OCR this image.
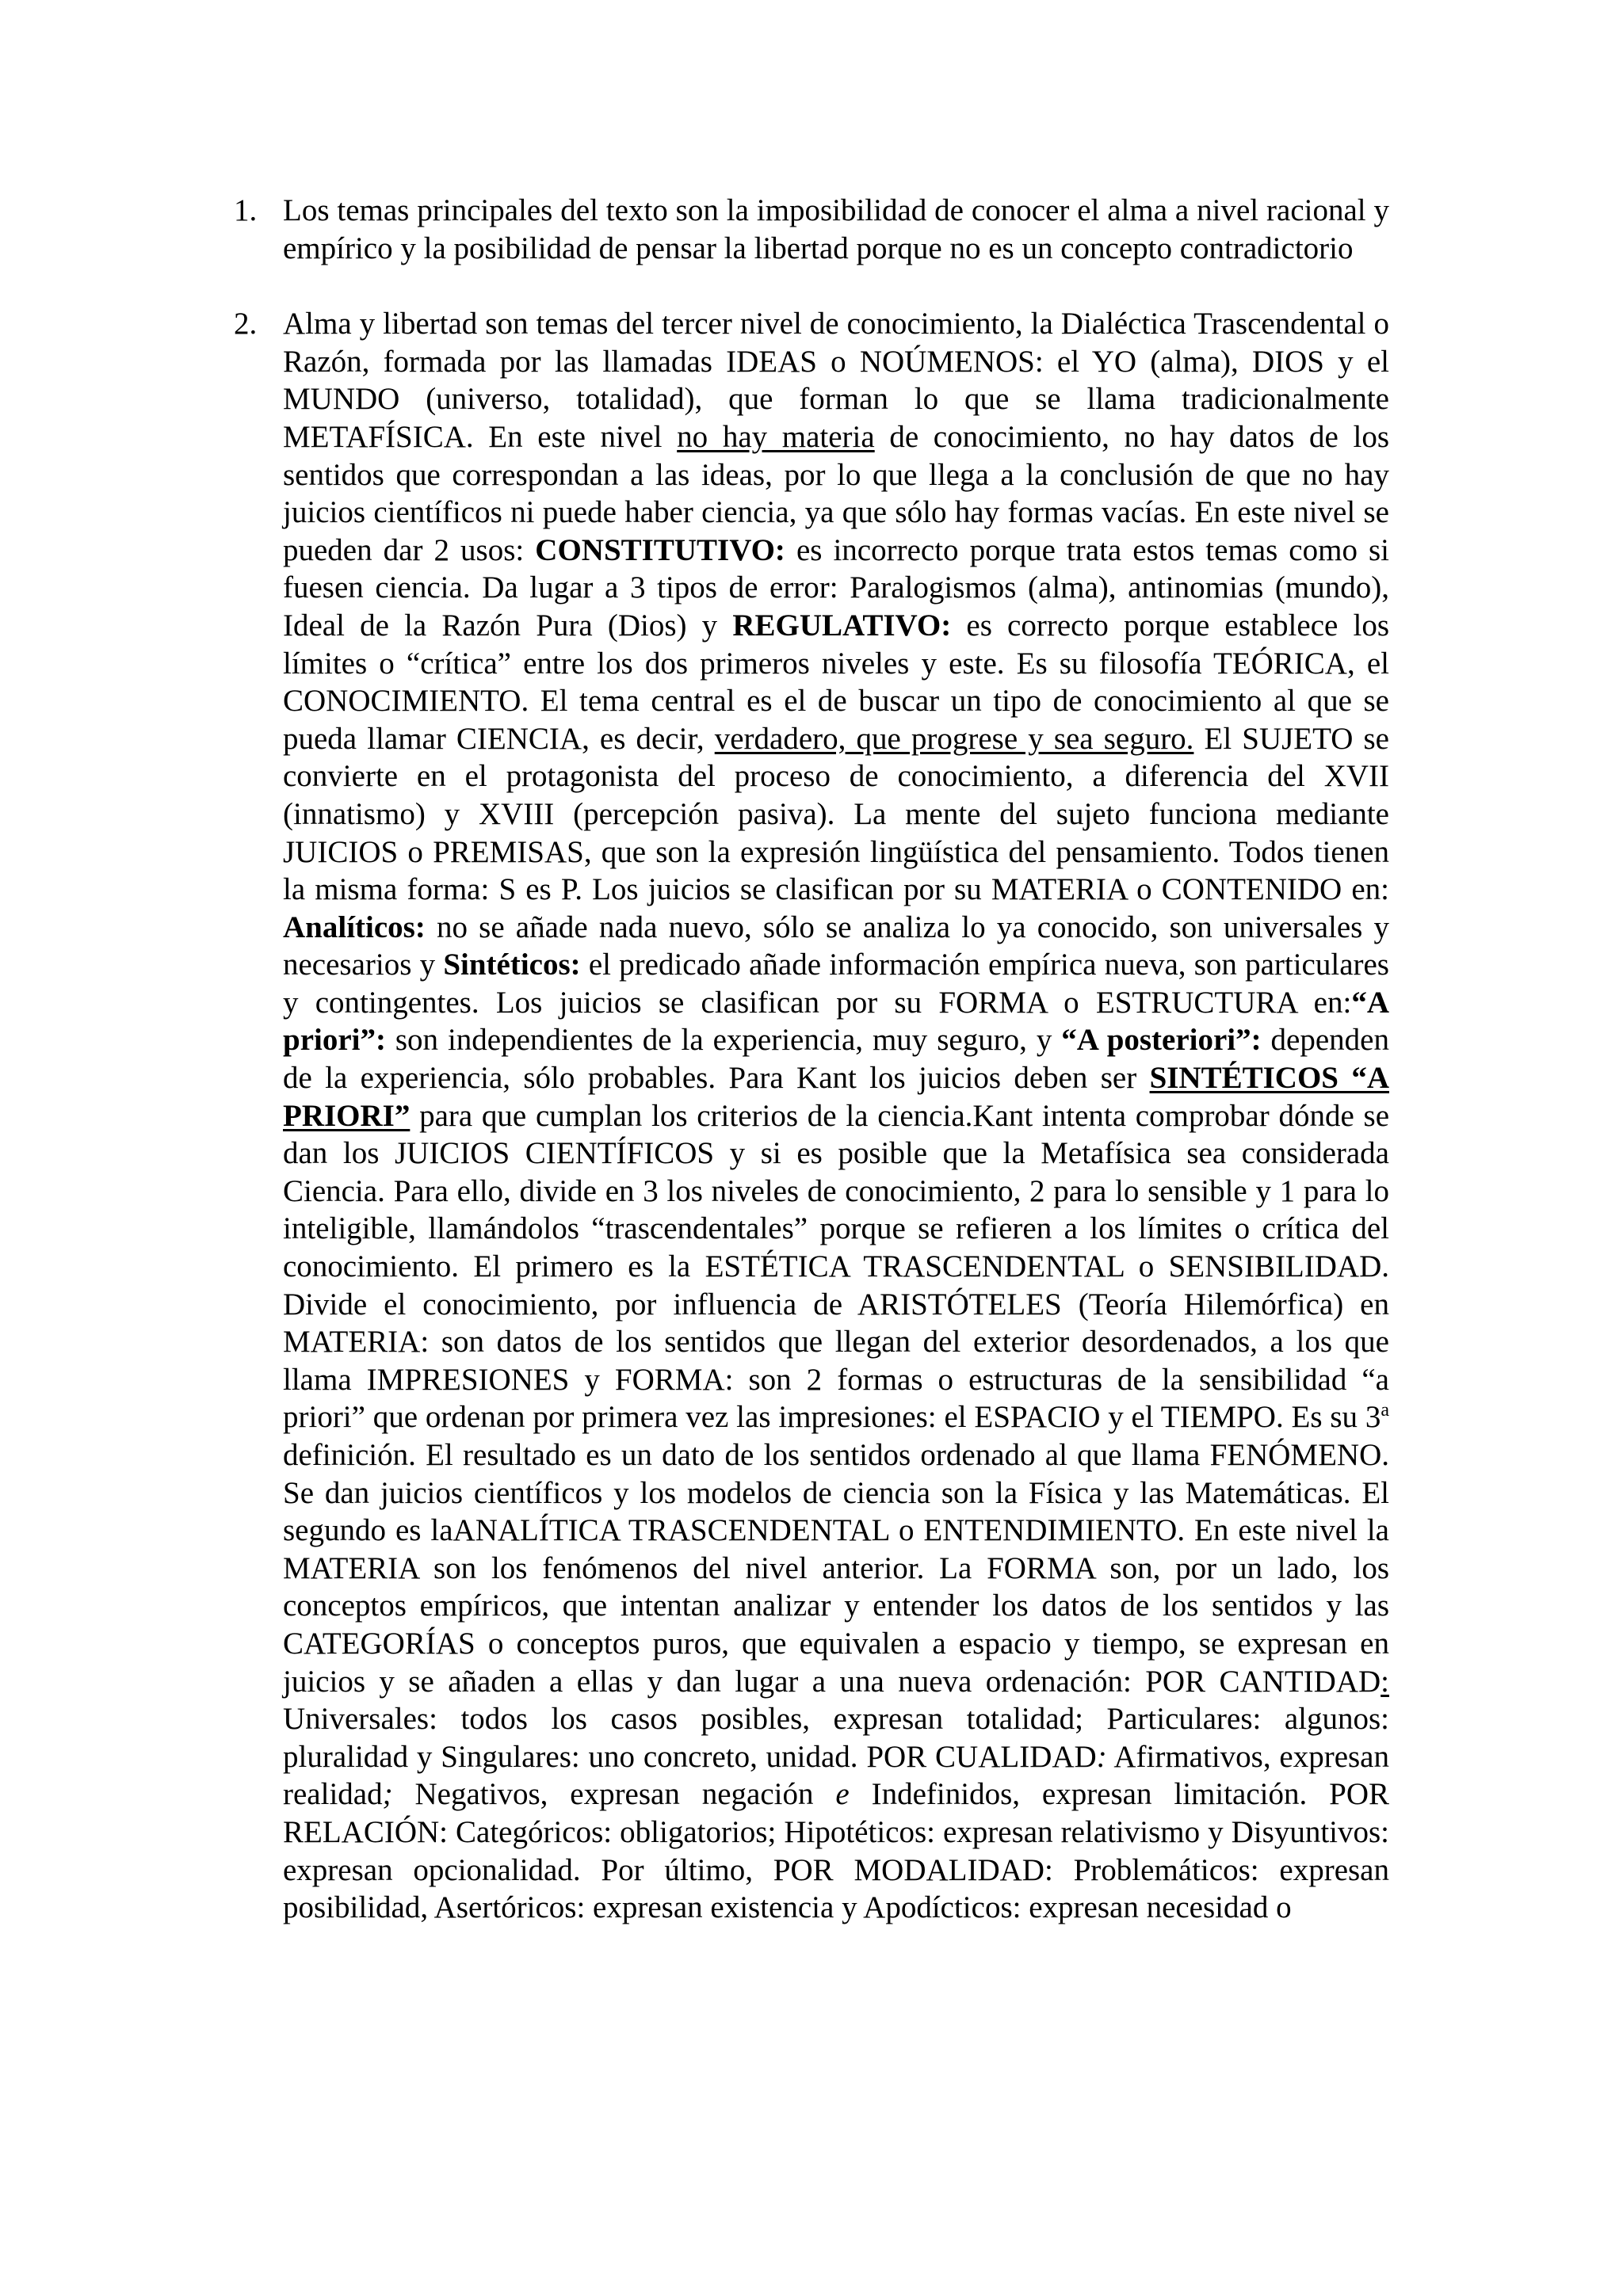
1. Los temas principales del texto son la imposibilidad de conocer el alma a nivel racional y empírico y la posibilidad de pensar la libertad porque no es un concepto contradictorio
2. Alma y libertad son temas del tercer nivel de conocimiento, la Dialéctica Trascendental o Razón, formada por las llamadas IDEAS o NOÚMENOS: el YO (alma), DIOS y el MUNDO (universo, totalidad), que forman lo que se llama tradicionalmente METAFÍSICA. En este nivel no hay materia de conocimiento, no hay datos de los sentidos que correspondan a las ideas, por lo que llega a la conclusión de que no hay juicios científicos ni puede haber ciencia, ya que sólo hay formas vacías. En este nivel se pueden dar 2 usos: CONSTITUTIVO: es incorrecto porque trata estos temas como si fuesen ciencia. Da lugar a 3 tipos de error: Paralogismos (alma), antinomias (mundo), Ideal de la Razón Pura (Dios) y REGULATIVO: es correcto porque establece los límites o “crítica” entre los dos primeros niveles y este. Es su filosofía TEÓRICA, el CONOCIMIENTO. El tema central es el de buscar un tipo de conocimiento al que se pueda llamar CIENCIA, es decir, verdadero, que progrese y sea seguro. El SUJETO se convierte en el protagonista del proceso de conocimiento, a diferencia del XVII (innatismo) y XVIII (percepción pasiva). La mente del sujeto funciona mediante JUICIOS o PREMISAS, que son la expresión lingüística del pensamiento. Todos tienen la misma forma: S es P. Los juicios se clasifican por su MATERIA o CONTENIDO en: Analíticos: no se añade nada nuevo, sólo se analiza lo ya conocido, son universales y necesarios y Sintéticos: el predicado añade información empírica nueva, son particulares y contingentes. Los juicios se clasifican por su FORMA o ESTRUCTURA en:“A priori”: son independientes de la experiencia, muy seguro, y “A posteriori”: dependen de la experiencia, sólo probables. Para Kant los juicios deben ser SINTÉTICOS “A PRIORI” para que cumplan los criterios de la ciencia.Kant intenta comprobar dónde se dan los JUICIOS CIENTÍFICOS y si es posible que la Metafísica sea considerada Ciencia. Para ello, divide en 3 los niveles de conocimiento, 2 para lo sensible y 1 para lo inteligible, llamándolos “trascendentales” porque se refieren a los límites o crítica del conocimiento. El primero es la ESTÉTICA TRASCENDENTAL o SENSIBILIDAD. Divide el conocimiento, por influencia de ARISTÓTELES (Teoría Hilemórfica) en MATERIA: son datos de los sentidos que llegan del exterior desordenados, a los que llama IMPRESIONES y FORMA: son 2 formas o estructuras de la sensibilidad “a priori” que ordenan por primera vez las impresiones: el ESPACIO y el TIEMPO. Es su 3$^a$ definición. El resultado es un dato de los sentidos ordenado al que llama FENÓMENO. Se dan juicios científicos y los modelos de ciencia son la Física y las Matemáticas. El segundo es laANALÍTICA TRASCENDENTAL o ENTENDIMIENTO. En este nivel la MATERIA son los fenómenos del nivel anterior. La FORMA son, por un lado, los conceptos empíricos, que intentan analizar y entender los datos de los sentidos y las CATEGORÍAS o conceptos puros, que equivalen a espacio y tiempo, se expresan en juicios y se añaden a ellas y dan lugar a una nueva ordenación: POR CANTIDAD: Universales: todos los casos posibles, expresan totalidad; Particulares: algunos: pluralidad y Singulares: uno concreto, unidad. POR CUALIDAD: Afirmativos, expresan realidad; Negativos, expresan negación e Indefinidos, expresan limitación. POR RELACIÓN: Categóricos: obligatorios; Hipotéticos: expresan relativismo y Disyuntivos: expresan opcionalidad. Por último, POR MODALIDAD: Problemáticos: expresan posibilidad, Asertóricos: expresan existencia y Apodícticos: expresan necesidad o
